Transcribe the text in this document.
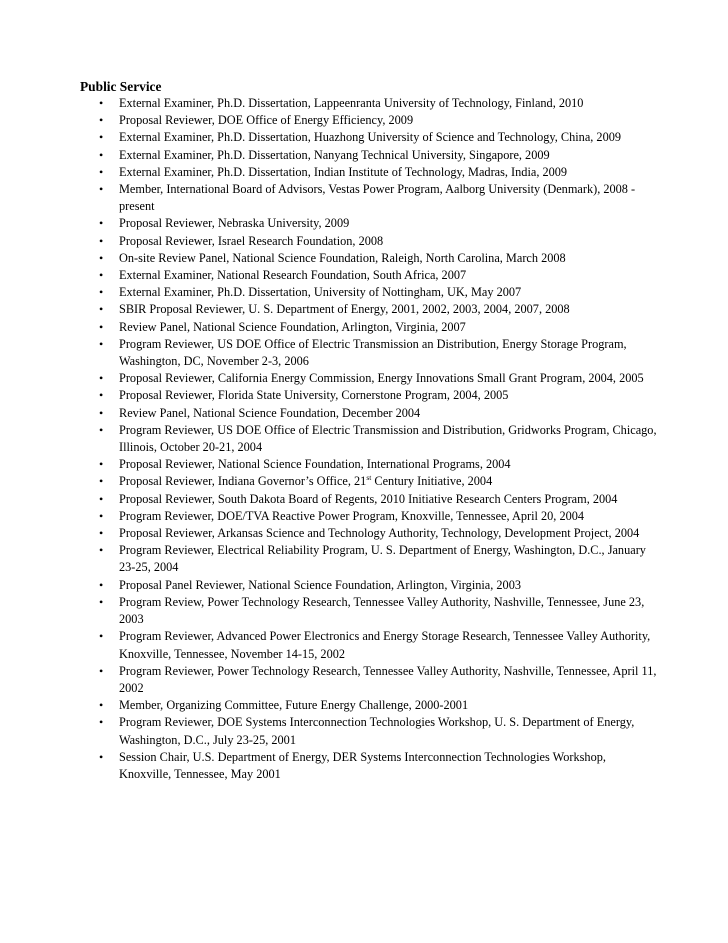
Public Service
• External Examiner, Ph.D. Dissertation, Lappeenranta University of Technology, Finland, 2010
• Proposal Reviewer, DOE Office of Energy Efficiency, 2009
• External Examiner, Ph.D. Dissertation, Huazhong University of Science and Technology, China, 2009
• External Examiner, Ph.D. Dissertation, Nanyang Technical University, Singapore, 2009
• External Examiner, Ph.D. Dissertation, Indian Institute of Technology, Madras, India, 2009
• Member, International Board of Advisors, Vestas Power Program, Aalborg University (Denmark), 2008 - present
• Proposal Reviewer, Nebraska University, 2009
• Proposal Reviewer, Israel Research Foundation, 2008
• On-site Review Panel, National Science Foundation, Raleigh, North Carolina, March 2008
• External Examiner, National Research Foundation, South Africa, 2007
• External Examiner, Ph.D. Dissertation, University of Nottingham, UK, May 2007
• SBIR Proposal Reviewer, U. S. Department of Energy, 2001, 2002, 2003, 2004, 2007, 2008
• Review Panel, National Science Foundation, Arlington, Virginia, 2007
• Program Reviewer, US DOE Office of Electric Transmission an Distribution, Energy Storage Program, Washington, DC, November 2-3, 2006
• Proposal Reviewer, California Energy Commission, Energy Innovations Small Grant Program, 2004, 2005
• Proposal Reviewer, Florida State University, Cornerstone Program, 2004, 2005
• Review Panel, National Science Foundation, December 2004
• Program Reviewer, US DOE Office of Electric Transmission and Distribution, Gridworks Program, Chicago, Illinois, October 20-21, 2004
• Proposal Reviewer, National Science Foundation, International Programs, 2004
• Proposal Reviewer, Indiana Governor’s Office, 21st Century Initiative, 2004
• Proposal Reviewer, South Dakota Board of Regents, 2010 Initiative Research Centers Program, 2004
• Program Reviewer, DOE/TVA Reactive Power Program, Knoxville, Tennessee, April 20, 2004
• Proposal Reviewer, Arkansas Science and Technology Authority, Technology, Development Project, 2004
• Program Reviewer, Electrical Reliability Program, U. S. Department of Energy, Washington, D.C., January 23-25, 2004
• Proposal Panel Reviewer, National Science Foundation, Arlington, Virginia, 2003
• Program Review, Power Technology Research, Tennessee Valley Authority, Nashville, Tennessee, June 23, 2003
• Program Reviewer, Advanced Power Electronics and Energy Storage Research, Tennessee Valley Authority, Knoxville, Tennessee, November 14-15, 2002
• Program Reviewer, Power Technology Research, Tennessee Valley Authority, Nashville, Tennessee, April 11, 2002
• Member, Organizing Committee, Future Energy Challenge, 2000-2001
• Program Reviewer, DOE Systems Interconnection Technologies Workshop, U. S. Department of Energy, Washington, D.C., July 23-25, 2001
• Session Chair, U.S. Department of Energy, DER Systems Interconnection Technologies Workshop, Knoxville, Tennessee, May 2001
